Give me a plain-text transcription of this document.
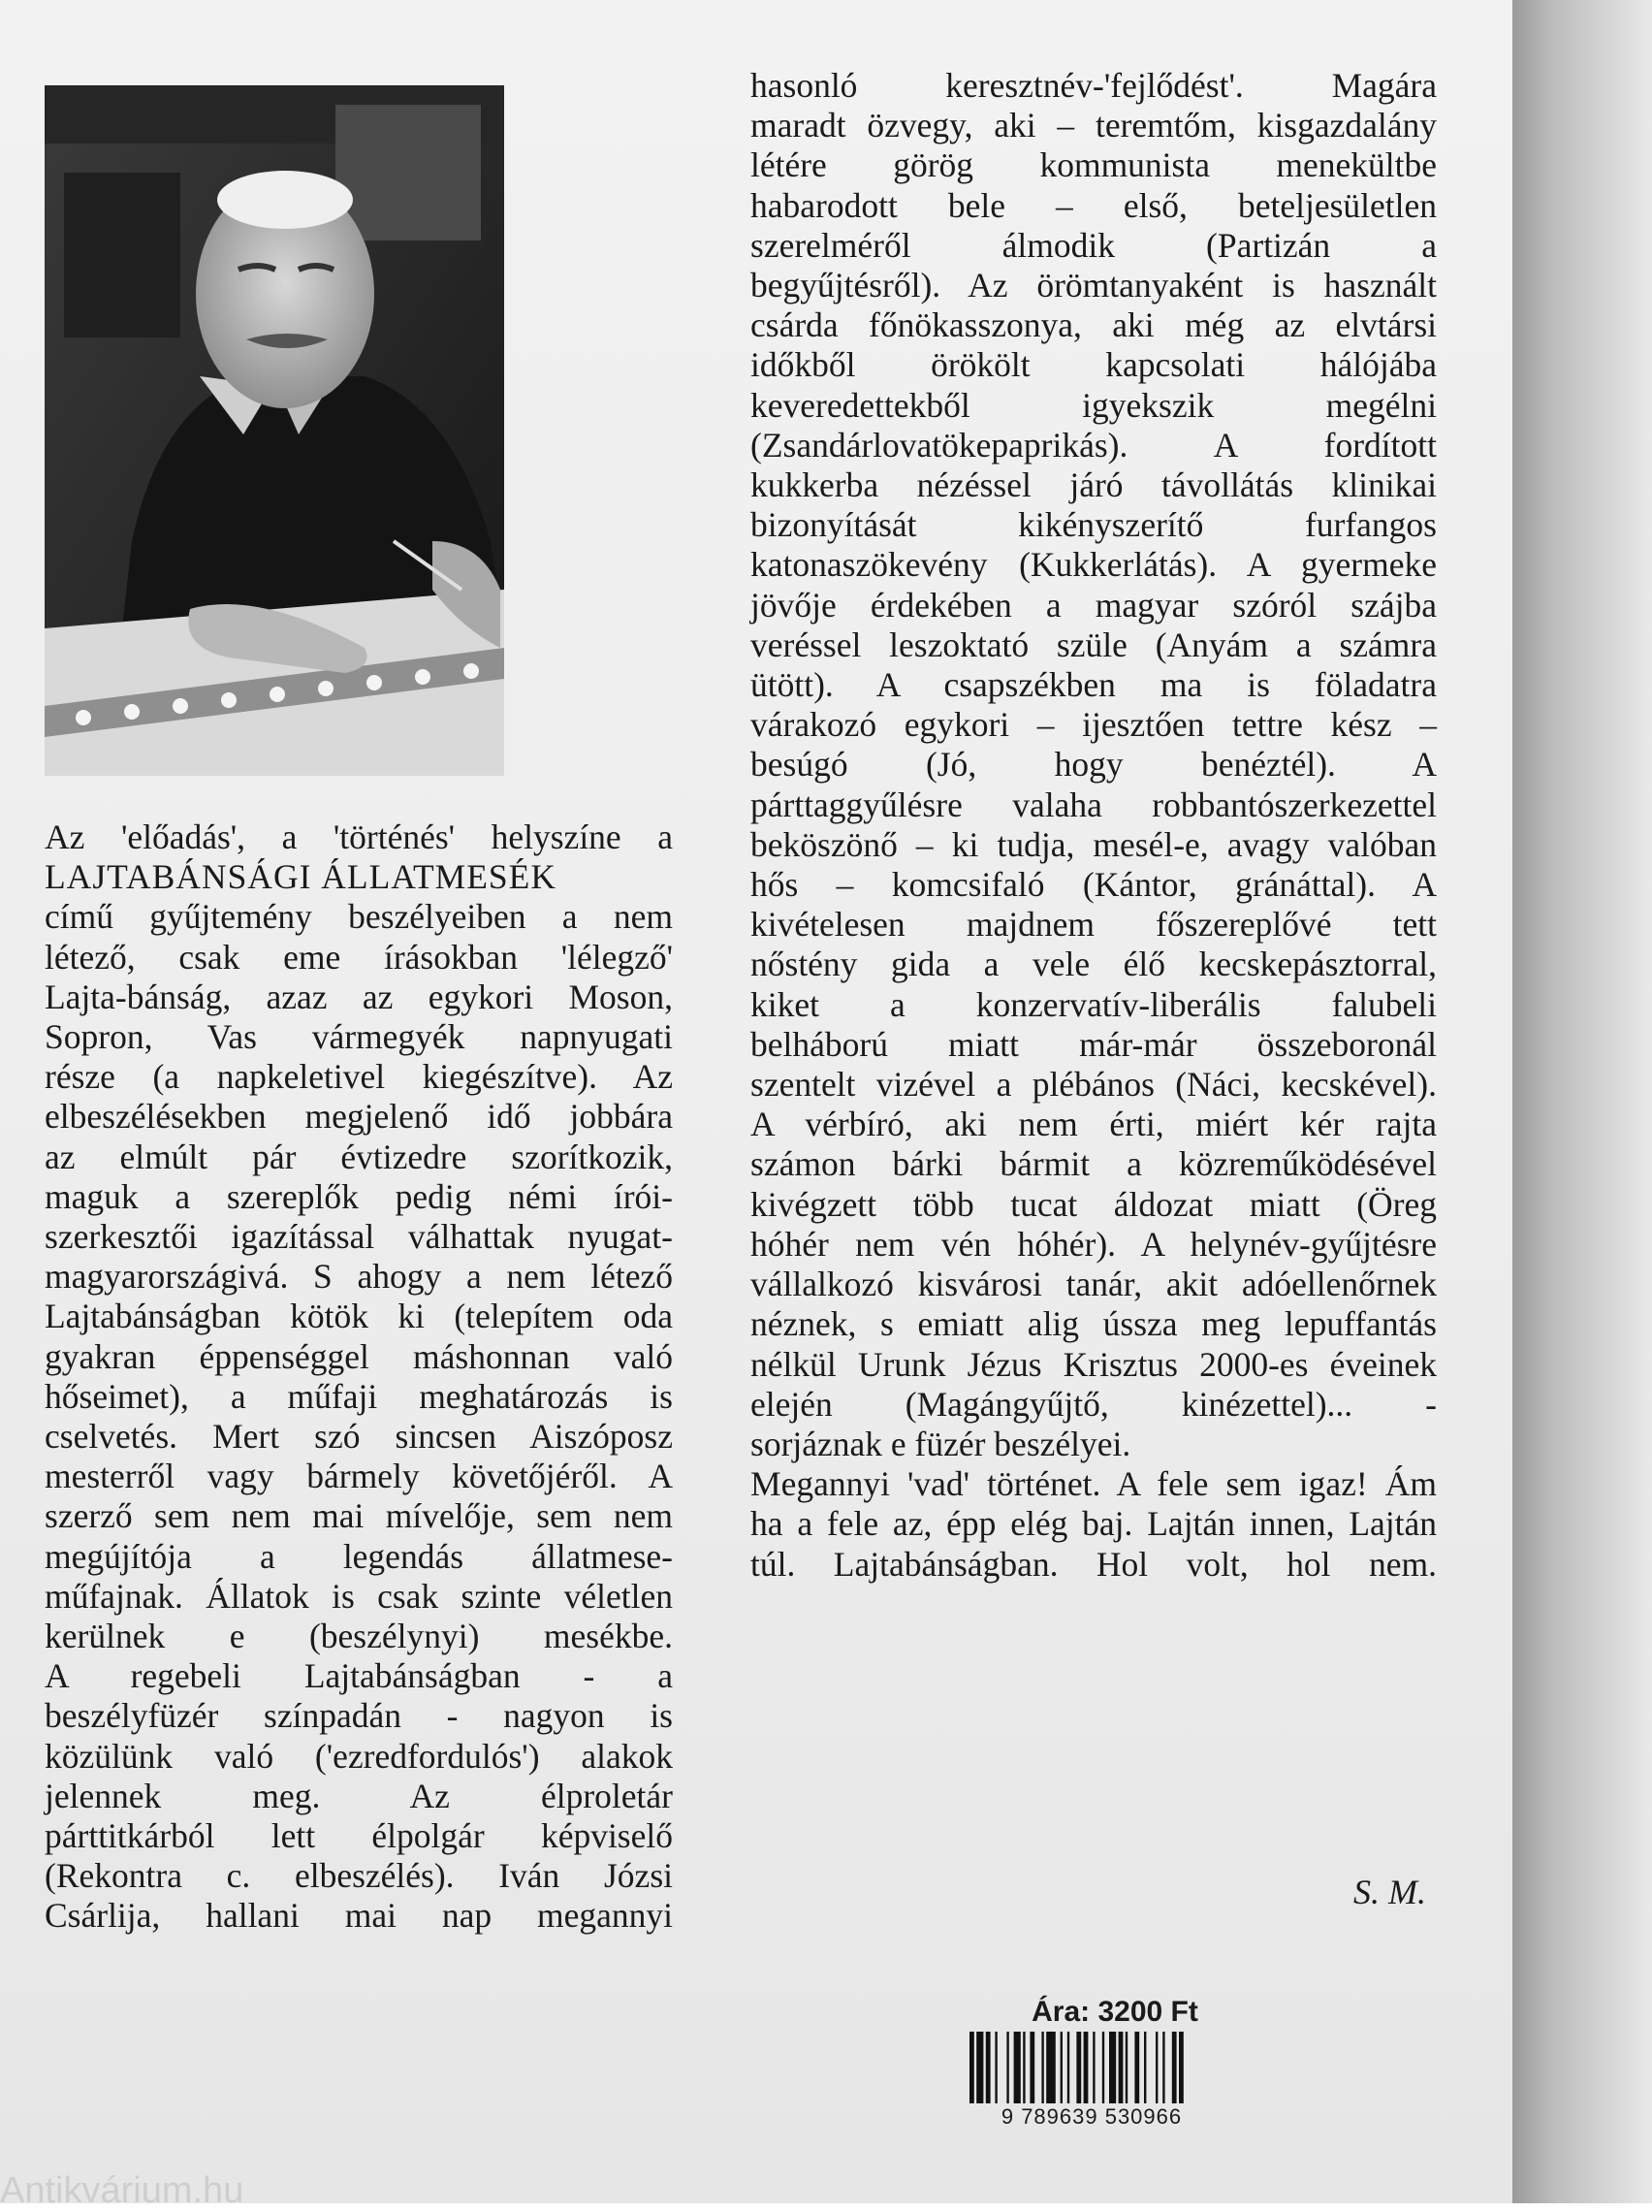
Az 'előadás', a 'történés' helyszíne a

LAJTABÁNSÁGI ÁLLATMESÉK

című gyűjtemény beszélyeiben a nem

létező, csak eme írásokban 'lélegző'

Lajta-bánság, azaz az egykori Moson,

Sopron, Vas vármegyék napnyugati

része (a napkeletivel kiegészítve). Az

elbeszélésekben megjelenő idő jobbára

az elmúlt pár évtizedre szorítkozik,

maguk a szereplők pedig némi írói-

szerkesztői igazítással válhattak nyugat-

magyarországivá. S ahogy a nem létező

Lajtabánságban kötök ki (telepítem oda

gyakran éppenséggel máshonnan való

hőseimet), a műfaji meghatározás is

cselvetés. Mert szó sincsen Aiszóposz

mesterről vagy bármely követőjéről. A

szerző sem nem mai mívelője, sem nem

megújítója a legendás állatmese-

műfajnak. Állatok is csak szinte véletlen

kerülnek e (beszélynyi) mesékbe.

A regebeli Lajtabánságban - a

beszélyfüzér színpadán - nagyon is

közülünk való ('ezredfordulós') alakok

jelennek meg. Az élproletár

párttitkárból lett élpolgár képviselő

(Rekontra c. elbeszélés). Iván Józsi

Csárlija, hallani mai nap megannyi

hasonló keresztnév-'fejlődést'. Magára

maradt özvegy, aki – teremtőm, kisgazdalány

létére görög kommunista menekültbe

habarodott bele – első, beteljesületlen

szerelméről álmodik (Partizán a

begyűjtésről). Az örömtanyaként is használt

csárda főnökasszonya, aki még az elvtársi

időkből örökölt kapcsolati hálójába

keveredettekből igyekszik megélni

(Zsandárlovatökepaprikás). A fordított

kukkerba nézéssel járó távollátás klinikai

bizonyítását kikényszerítő furfangos

katonaszökevény (Kukkerlátás). A gyermeke

jövője érdekében a magyar szóról szájba

veréssel leszoktató szüle (Anyám a számra

ütött). A csapszékben ma is föladatra

várakozó egykori – ijesztően tettre kész –

besúgó (Jó, hogy benéztél). A

párttaggyűlésre valaha robbantószerkezettel

beköszönő – ki tudja, mesél-e, avagy valóban

hős – komcsifaló (Kántor, gránáttal). A

kivételesen majdnem főszereplővé tett

nőstény gida a vele élő kecskepásztorral,

kiket a konzervatív-liberális falubeli

belháború miatt már-már összeboronál

szentelt vizével a plébános (Náci, kecskével).

A vérbíró, aki nem érti, miért kér rajta

számon bárki bármit a közreműködésével

kivégzett több tucat áldozat miatt (Öreg

hóhér nem vén hóhér). A helynév-gyűjtésre

vállalkozó kisvárosi tanár, akit adóellenőrnek

néznek, s emiatt alig ússza meg lepuffantás

nélkül Urunk Jézus Krisztus 2000-es éveinek

elején (Magángyűjtő, kinézettel)... -

sorjáznak e füzér beszélyei.

Megannyi 'vad' történet. A fele sem igaz! Ám

ha a fele az, épp elég baj. Lajtán innen, Lajtán

túl. Lajtabánságban. Hol volt, hol nem.

S. M.
Ára: 3200 Ft
9 789639 530966
Antikvárium.hu
